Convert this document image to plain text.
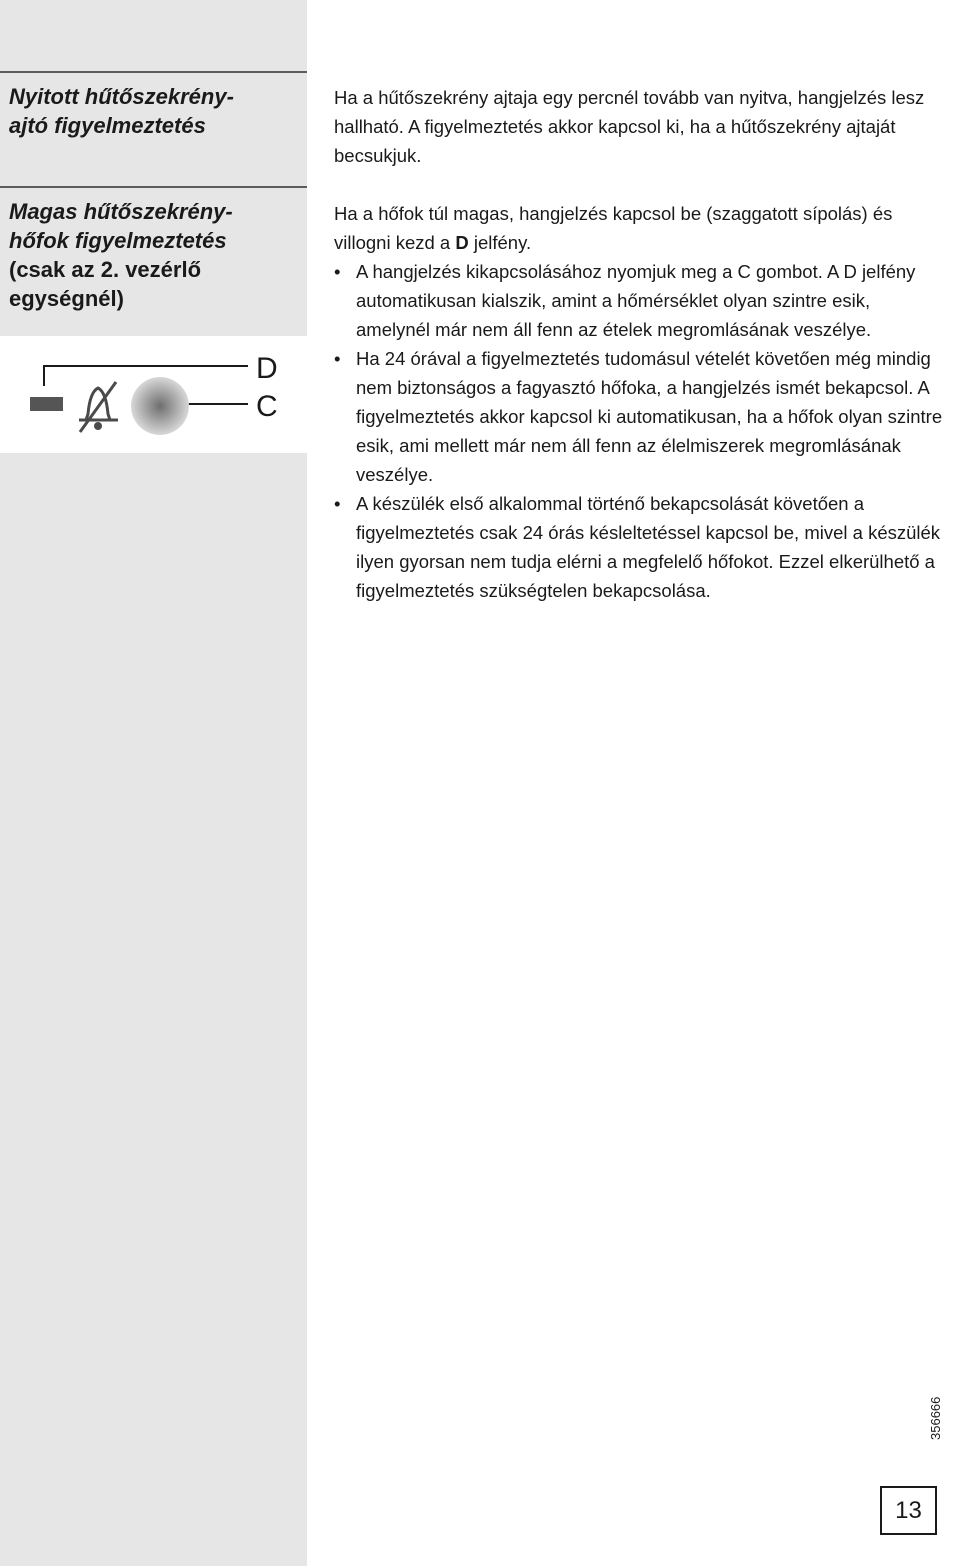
Nyitott hűtőszekrény-
ajtó figyelmeztetés
Magas hűtőszekrény-
hőfok figyelmeztetés
(csak az 2. vezérlő
egységnél)
D
C

Ha a hűtőszekrény ajtaja egy percnél tovább van nyitva, hangjelzés lesz hallható. A figyelmeztetés akkor kapcsol ki, ha a hűtőszekrény ajtaját becsukjuk.

Ha a hőfok túl magas, hangjelzés kapcsol be (szaggatott sípolás) és villogni kezd a D jelfény.

• A hangjelzés kikapcsolásához nyomjuk meg a C gombot. A D jelfény automatikusan kialszik, amint a hőmérséklet olyan szintre esik, amelynél már nem áll fenn az ételek megromlásának veszélye.
• Ha 24 órával a figyelmeztetés tudomásul vételét követően még mindig nem biztonságos a fagyasztó hőfoka, a hangjelzés ismét bekapcsol. A figyelmeztetés akkor kapcsol ki automatikusan, ha a hőfok olyan szintre esik, ami mellett már nem áll fenn az élelmiszerek megromlásának veszélye.
• A készülék első alkalommal történő bekapcsolását követően a figyelmeztetés csak 24 órás késleltetéssel kapcsol be, mivel a készülék ilyen gyorsan nem tudja elérni a megfelelő hőfokot. Ezzel elkerülhető a figyelmeztetés szükségtelen bekapcsolása.
356666
13
